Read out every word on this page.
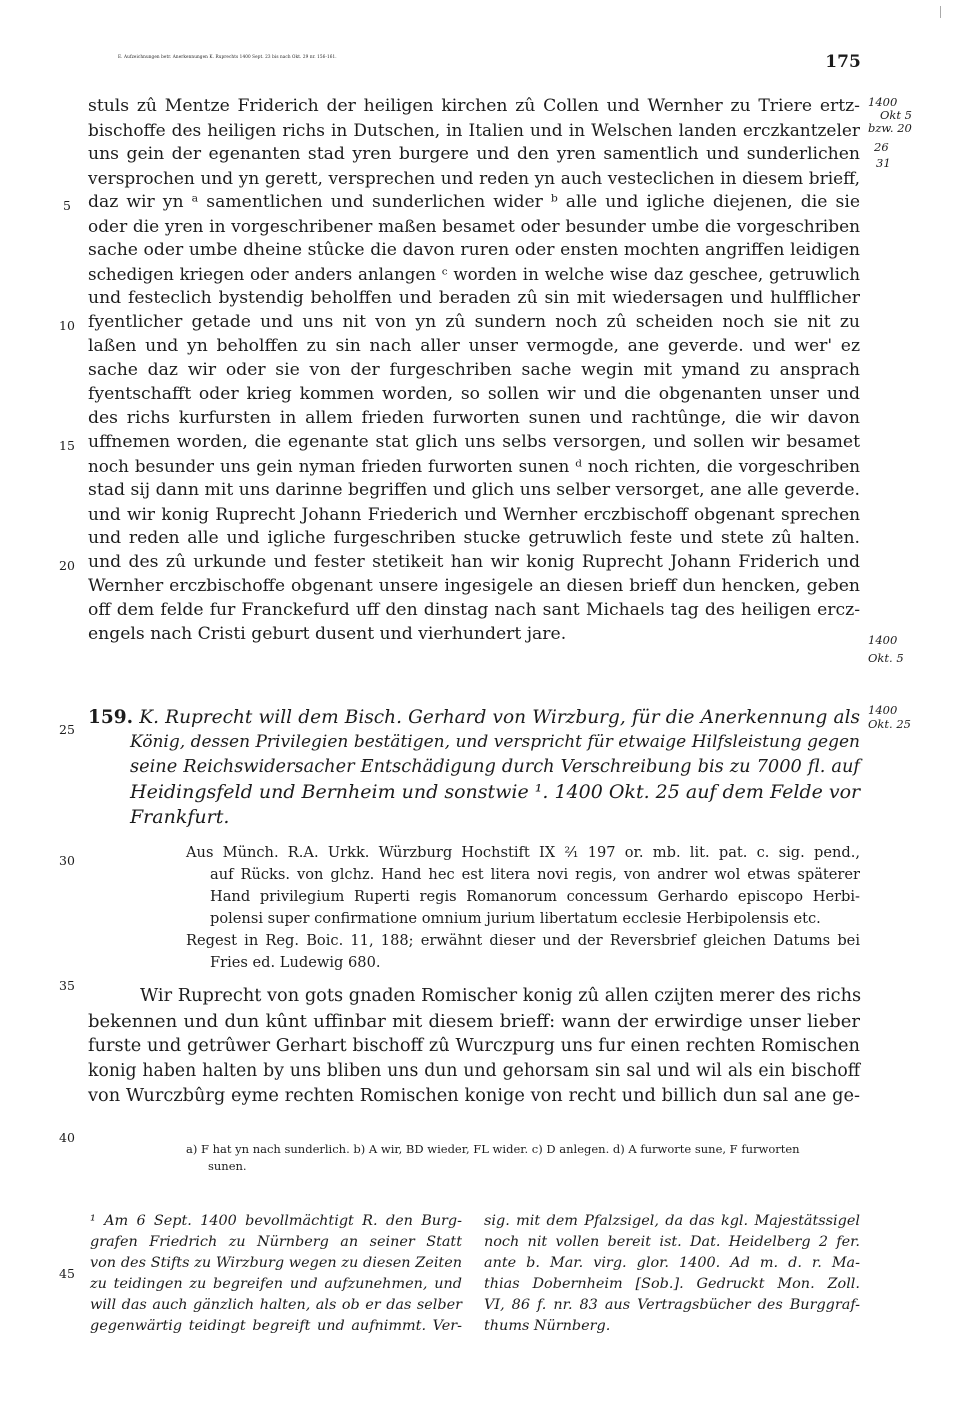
E. Aufzeichnungen betr. Anerkennungen K. Ruprechts 1400 Sept. 23 bis nach Okt. 29 nr. 156-161.	175
stuls zû Mentze Friderich der heiligen kirchen zû Collen und Wernher zu Triere ertz-
bischoffe des heiligen richs in Dutschen, in Italien und in Welschen landen erczkantzeler
uns gein der egenanten stad yren burgere und den yren samentlich und sunderlichen
versprochen und yn gerett, versprechen und reden yn auch vesteclichen in diesem brieff,
daz wir yn ᵃ samentlichen und sunderlichen wider ᵇ alle und igliche diejenen, die sie
oder die yren in vorgeschribener maßen besamet oder besunder umbe die vorgeschriben
sache oder umbe dheine stûcke die davon ruren oder ensten mochten angriffen leidigen
schedigen kriegen oder anders anlangen ᶜ worden in welche wise daz geschee, getruwlich
und festeclich bystendig beholffen und beraden zû sin mit wiedersagen und hulfflicher
fyentlicher getade und uns nit von yn zû sundern noch zû scheiden noch sie nit zu
laßen und yn beholffen zu sin nach aller unser vermogde, ane geverde. und wer' ez
sache daz wir oder sie von der furgeschriben sache wegin mit ymand zu ansprach
fyentschafft oder krieg kommen worden, so sollen wir und die obgenanten unser und
des richs kurfursten in allem frieden furworten sunen und rachtûnge, die wir davon
uffnemen worden, die egenante stat glich uns selbs versorgen, und sollen wir besamet
noch besunder uns gein nyman frieden furworten sunen ᵈ noch richten, die vorgeschriben
stad sij dann mit uns darinne begriffen und glich uns selber versorget, ane alle geverde.
und wir konig Ruprecht Johann Friederich und Wernher erczbischoff obgenant sprechen
und reden alle und igliche furgeschriben stucke getruwlich feste und stete zû halten.
und des zû urkunde und fester stetikeit han wir konig Ruprecht Johann Friderich und
Wernher erczbischoffe obgenant unsere ingesigele an diesen brieff dun hencken, geben
off dem felde fur Franckefurd uff den dinstag nach sant Michaels tag des heiligen ercz-
engels nach Cristi geburt dusent und vierhundert jare.
5
10
15
20
25
30
35
40
45
1400
Okt 5
bzw. 20
26
31
1400
Okt. 5
1400
Okt. 25
159. K. Ruprecht will dem Bisch. Gerhard von Wirzburg, für die Anerkennung als
König, dessen Privilegien bestätigen, und verspricht für etwaige Hilfsleistung gegen
seine Reichswidersacher Entschädigung durch Verschreibung bis zu 7000 fl. auf
Heidingsfeld und Bernheim und sonstwie ¹. 1400 Okt. 25 auf dem Felde vor
Frankfurt.
Aus Münch. R.A. Urkk. Würzburg Hochstift IX ²⁄₁ 197 or. mb. lit. pat. c. sig. pend.,
auf Rücks. von glchz. Hand hec est litera novi regis, von andrer wol etwas späterer
Hand privilegium Ruperti regis Romanorum concessum Gerhardo episcopo Herbi-
polensi super confirmatione omnium jurium libertatum ecclesie Herbipolensis etc.
Regest in Reg. Boic. 11, 188; erwähnt dieser und der Reversbrief gleichen Datums bei
Fries ed. Ludewig 680.
Wir Ruprecht von gots gnaden Romischer konig zû allen czijten merer des richs
bekennen und dun kûnt uffinbar mit diesem brieff: wann der erwirdige unser lieber
furste und getrûwer Gerhart bischoff zû Wurczpurg uns fur einen rechten Romischen
konig haben halten by uns bliben uns dun und gehorsam sin sal und wil als ein bischoff
von Wurczbûrg eyme rechten Romischen konige von recht und billich dun sal ane ge-
a) F hat yn nach sunderlich. b) A wir, BD wieder, FL wider. c) D anlegen. d) A furworte sune, F furworten
sunen.
¹ Am 6 Sept. 1400 bevollmächtigt R. den Burg-
grafen Friedrich zu Nürnberg an seiner Statt
von des Stifts zu Wirzburg wegen zu diesen Zeiten
zu teidingen zu begreifen und aufzunehmen, und
will das auch gänzlich halten, als ob er das selber
gegenwärtig teidingt begreift und aufnimmt. Ver-
sig. mit dem Pfalzsigel, da das kgl. Majestätssigel
noch nit vollen bereit ist. Dat. Heidelberg 2 fer.
ante b. Mar. virg. glor. 1400. Ad m. d. r. Ma-
thias Dobernheim [Sob.]. Gedruckt Mon. Zoll.
VI, 86 f. nr. 83 aus Vertragsbücher des Burggraf-
thums Nürnberg.
